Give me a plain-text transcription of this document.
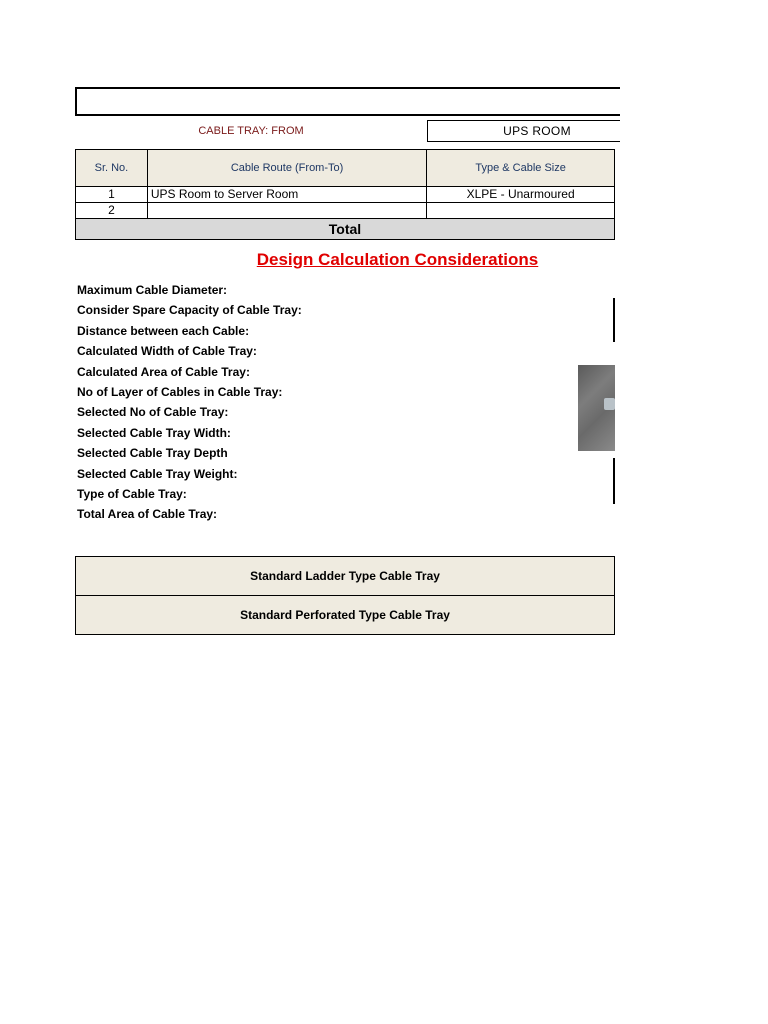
CABLE TRAY: FROM	UPS ROOM
Sr. No.	Cable Route (From-To)	Type & Cable Size
1	UPS Room to Server Room	XLPE - Unarmoured
2		
Total		
Design Calculation Considerations
Maximum Cable Diameter:
Consider Spare Capacity of Cable Tray:
Distance between each Cable:
Calculated Width of Cable Tray:
Calculated Area of Cable Tray:
No of Layer of Cables in Cable Tray:
Selected No of Cable Tray:
Selected Cable Tray Width:
Selected Cable Tray Depth
Selected Cable Tray Weight:
Type of Cable Tray:
Total Area of Cable Tray:
Standard Ladder Type Cable Tray
Standard Perforated Type Cable Tray
